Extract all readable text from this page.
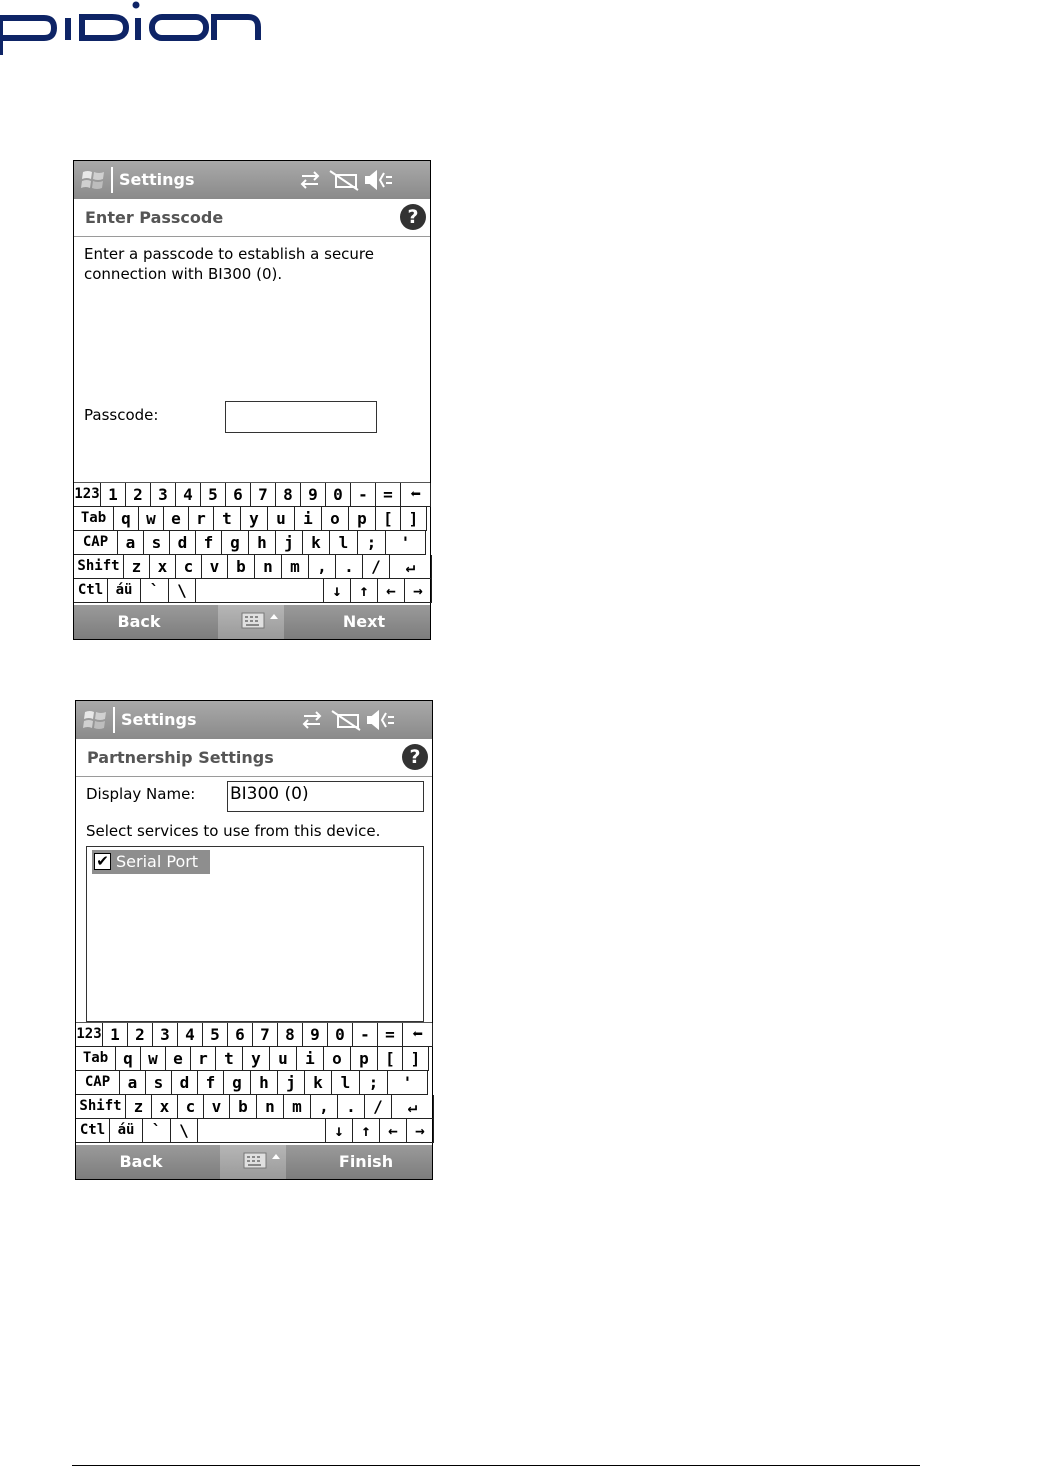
Settings
Enter Passcode	?
Enter a passcode to establish a secure
connection with BI300 (0).
Passcode:
123 1 2 3 4 5 6 7 8 9 0 - = ⬅
Tab q w e r	t	y	u	i	o	p	[ ]
CAP	a	s	d	f	g	h	j	k	l	;	'
Shift z	x	c	v	b	n	m	,	.	/	↵
Ctl áü	`	\	↓	↑	←	→
Back	Next
Settings
Partnership Settings	?
Display Name: BI300 (0)
Select services to use from this device.
✔ Serial Port
123 1 2 3 4 5 6 7 8 9 0 - = ⬅
Tab q w e r	t	y	u	i	o	p	[ ]
CAP	a	s	d	f	g	h	j	k	l	;	'
Shift z	x	c	v	b	n	m	,	.	/	↵
Ctl áü	`	\	↓	↑	←	→
Back	Finish
